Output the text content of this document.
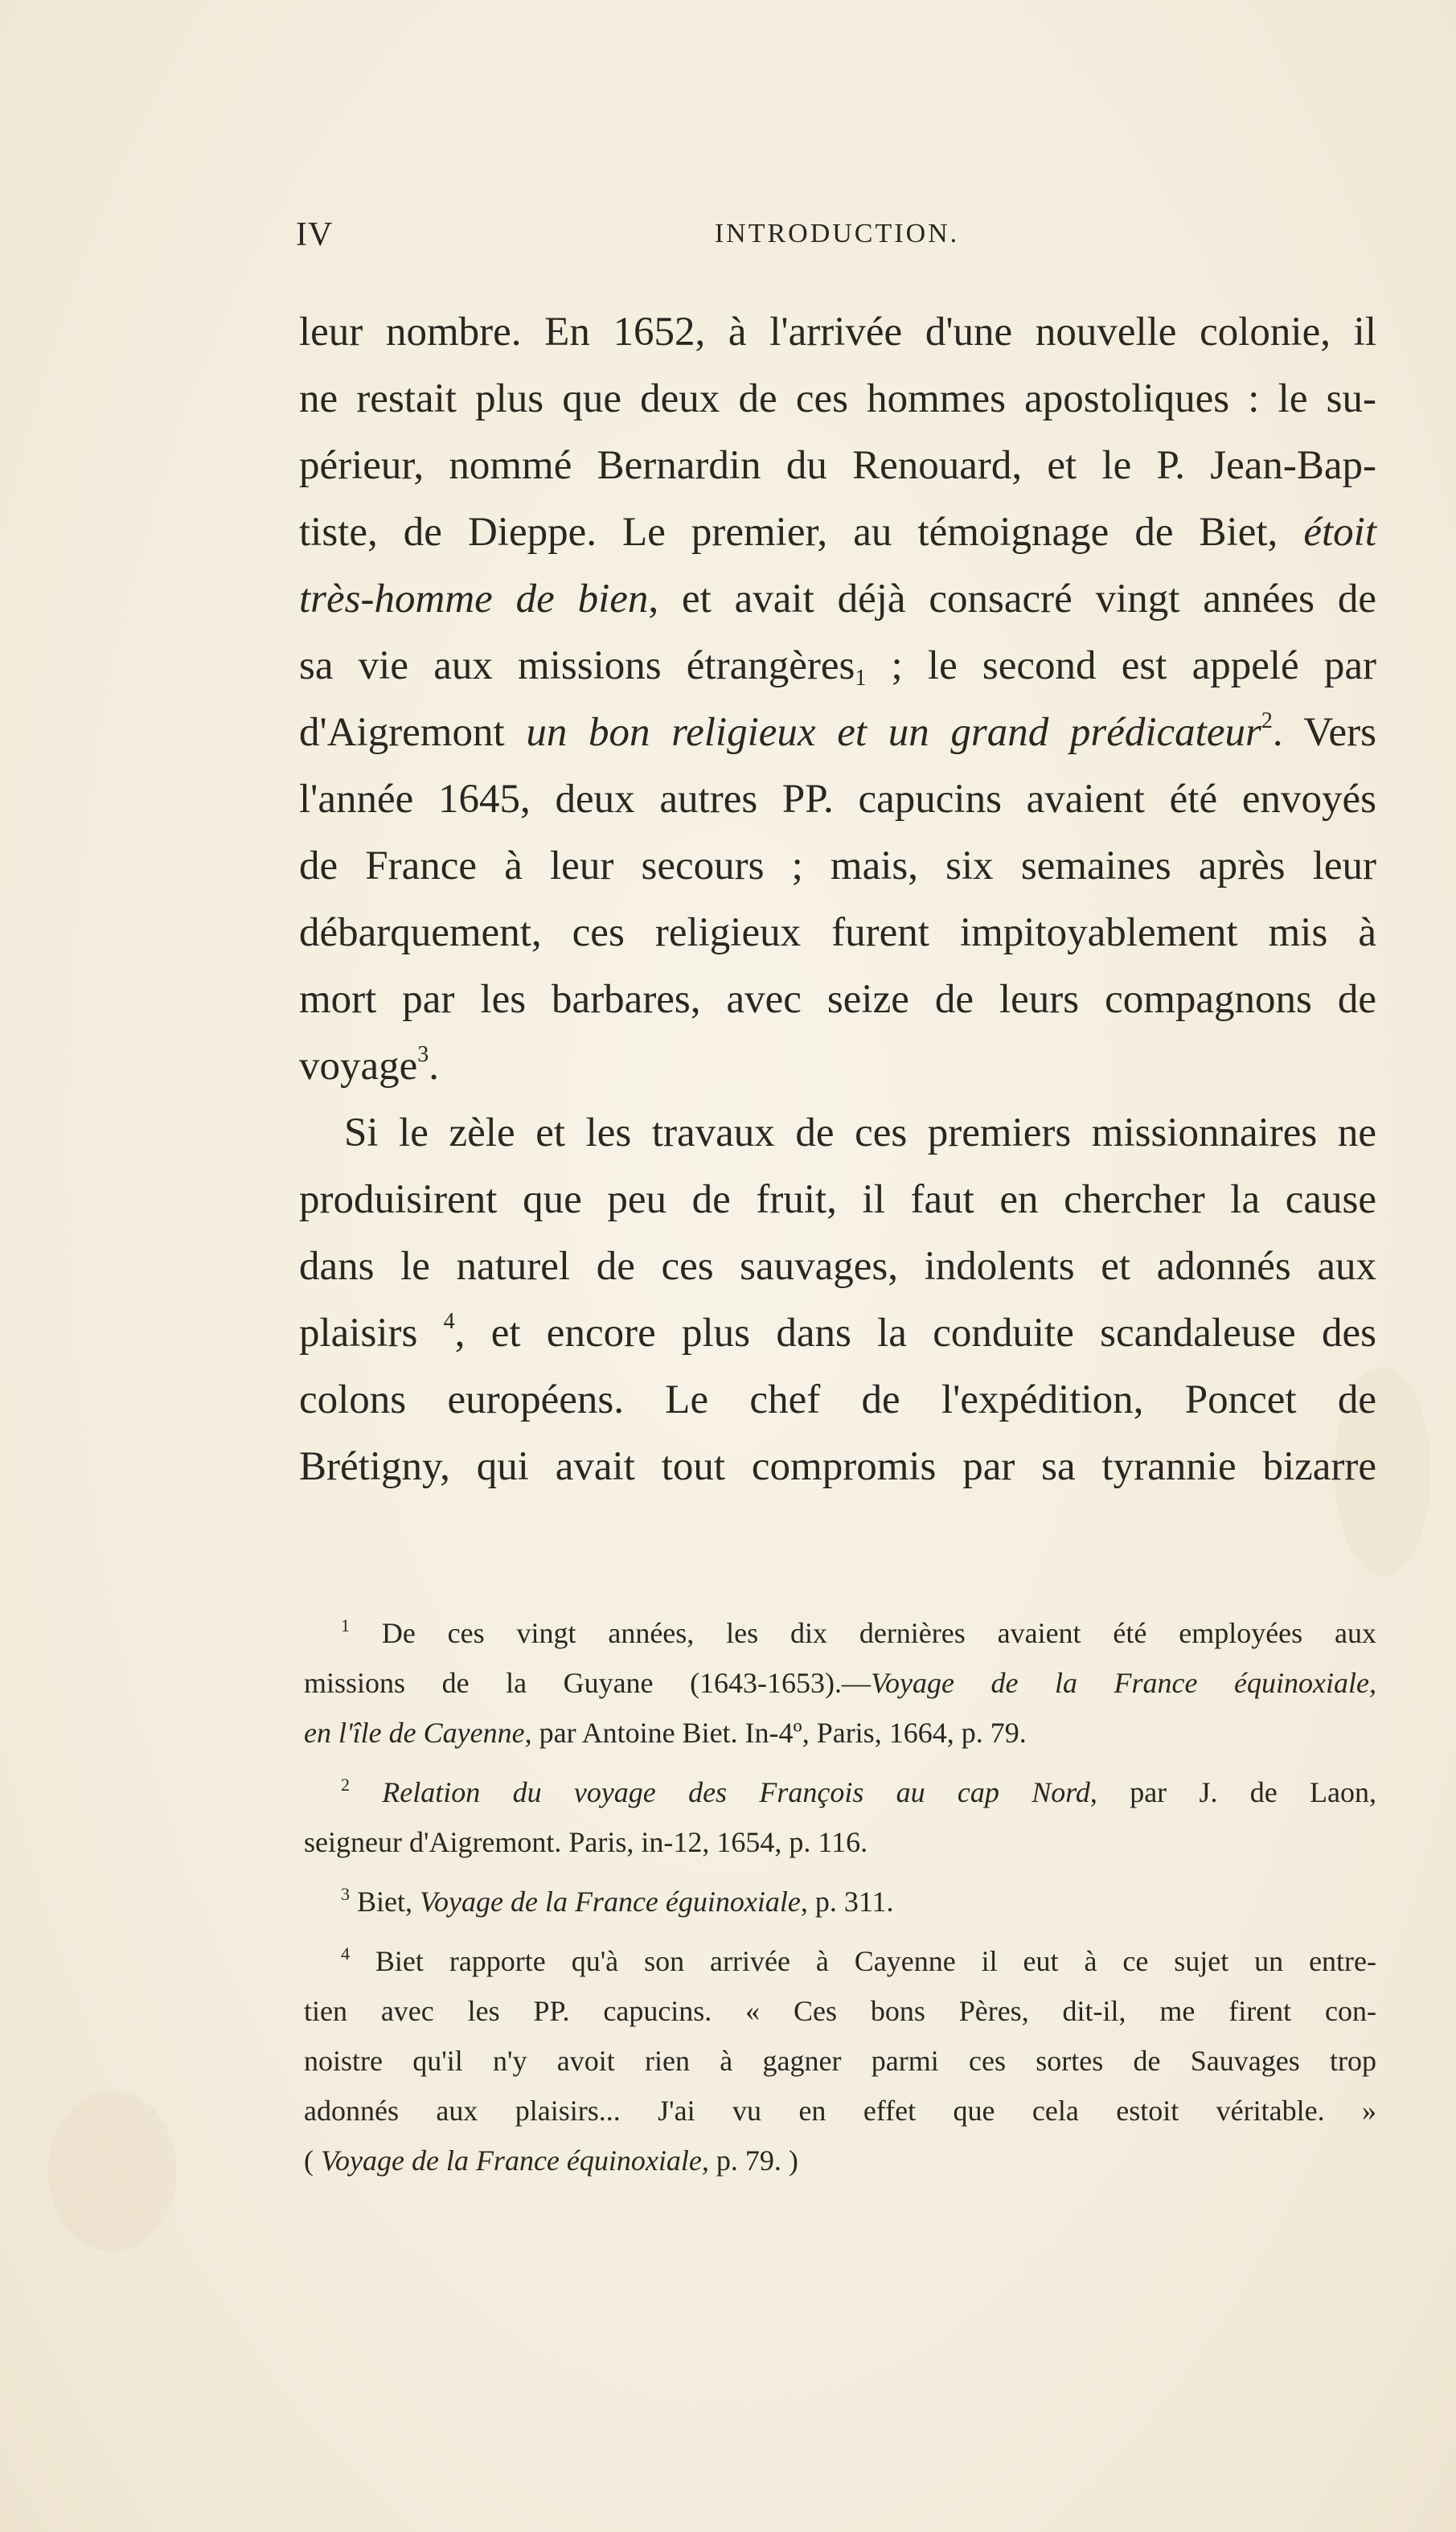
IV	INTRODUCTION.

leur nombre. En 1652, à l'arrivée d'une nouvelle colonie, il
ne restait plus que deux de ces hommes apostoliques : le su-
périeur, nommé Bernardin du Renouard, et le P. Jean-Bap-
tiste, de Dieppe. Le premier, au témoignage de Biet, étoit
très-homme de bien, et avait déjà consacré vingt années de
sa vie aux missions étrangères$_1$ ; le second est appelé par
d'Aigremont un bon religieux et un grand prédicateur$^2$. Vers
l'année 1645, deux autres PP. capucins avaient été envoyés
de France à leur secours ; mais, six semaines après leur
débarquement, ces religieux furent impitoyablement mis à
mort par les barbares, avec seize de leurs compagnons de
voyage$^3$.

Si le zèle et les travaux de ces premiers missionnaires ne
produisirent que peu de fruit, il faut en chercher la cause
dans le naturel de ces sauvages, indolents et adonnés aux
plaisirs $^4$, et encore plus dans la conduite scandaleuse des
colons européens. Le chef de l'expédition, Poncet de
Brétigny, qui avait tout compromis par sa tyrannie bizarre

$^1$ De ces vingt années, les dix dernières avaient été employées aux
missions de la Guyane (1643-1653).—Voyage de la France équinoxiale,
en l'île de Cayenne, par Antoine Biet. In-4º, Paris, 1664, p. 79.
$^2$ Relation du voyage des François au cap Nord, par J. de Laon,
seigneur d'Aigremont. Paris, in-12, 1654, p. 116.
$^3$ Biet, Voyage de la France éguinoxiale, p. 311.
$^4$ Biet rapporte qu'à son arrivée à Cayenne il eut à ce sujet un entre-
tien avec les PP. capucins. « Ces bons Pères, dit-il, me firent con-
noistre qu'il n'y avoit rien à gagner parmi ces sortes de Sauvages trop
adonnés aux plaisirs... J'ai vu en effet que cela estoit véritable. »
( Voyage de la France équinoxiale, p. 79. )
